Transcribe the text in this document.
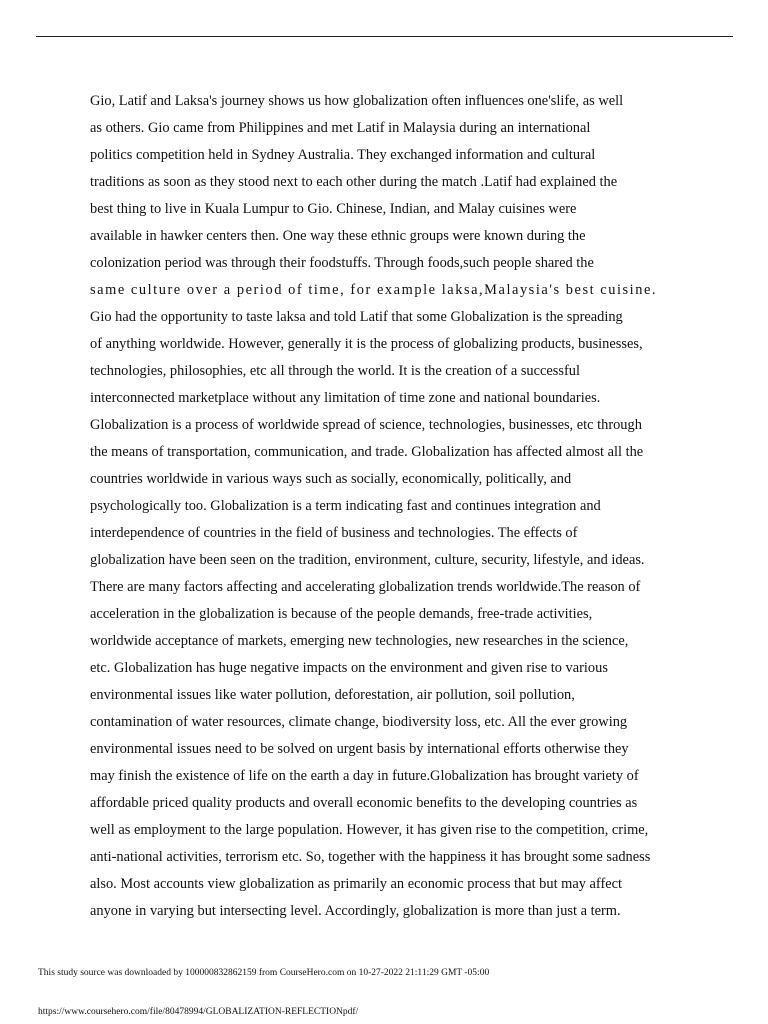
Gio, Latif and Laksa's journey shows us how globalization often influences one'slife, as well
as others. Gio came from Philippines and met Latif in Malaysia during an international
politics competition held in Sydney Australia. They exchanged information and cultural
traditions as soon as they stood next to each other during the match .Latif had explained the
best thing to live in Kuala Lumpur to Gio. Chinese, Indian, and Malay cuisines were
available in hawker centers then. One way these ethnic groups were known during the
colonization period was through their foodstuffs. Through foods,such people shared the
same culture over a period of time, for example laksa,Malaysia's best cuisine.
Gio had the opportunity to taste laksa and told Latif that some Globalization is the spreading
of anything worldwide. However, generally it is the process of globalizing products, businesses,
technologies, philosophies, etc all through the world. It is the creation of a successful
interconnected marketplace without any limitation of time zone and national boundaries.
Globalization is a process of worldwide spread of science, technologies, businesses, etc through
the means of transportation, communication, and trade. Globalization has affected almost all the
countries worldwide in various ways such as socially, economically, politically, and
psychologically too. Globalization is a term indicating fast and continues integration and
interdependence of countries in the field of business and technologies. The effects of
globalization have been seen on the tradition, environment, culture, security, lifestyle, and ideas.
There are many factors affecting and accelerating globalization trends worldwide.The reason of
acceleration in the globalization is because of the people demands, free-trade activities,
worldwide acceptance of markets, emerging new technologies, new researches in the science,
etc. Globalization has huge negative impacts on the environment and given rise to various
environmental issues like water pollution, deforestation, air pollution, soil pollution,
contamination of water resources, climate change, biodiversity loss, etc. All the ever growing
environmental issues need to be solved on urgent basis by international efforts otherwise they
may finish the existence of life on the earth a day in future.Globalization has brought variety of
affordable priced quality products and overall economic benefits to the developing countries as
well as employment to the large population. However, it has given rise to the competition, crime,
anti-national activities, terrorism etc. So, together with the happiness it has brought some sadness
also. Most accounts view globalization as primarily an economic process that but may affect
anyone in varying but intersecting level. Accordingly, globalization is more than just a term.
This study source was downloaded by 100000832862159 from CourseHero.com on 10-27-2022 21:11:29 GMT -05:00
https://www.coursehero.com/file/80478994/GLOBALIZATION-REFLECTIONpdf/
